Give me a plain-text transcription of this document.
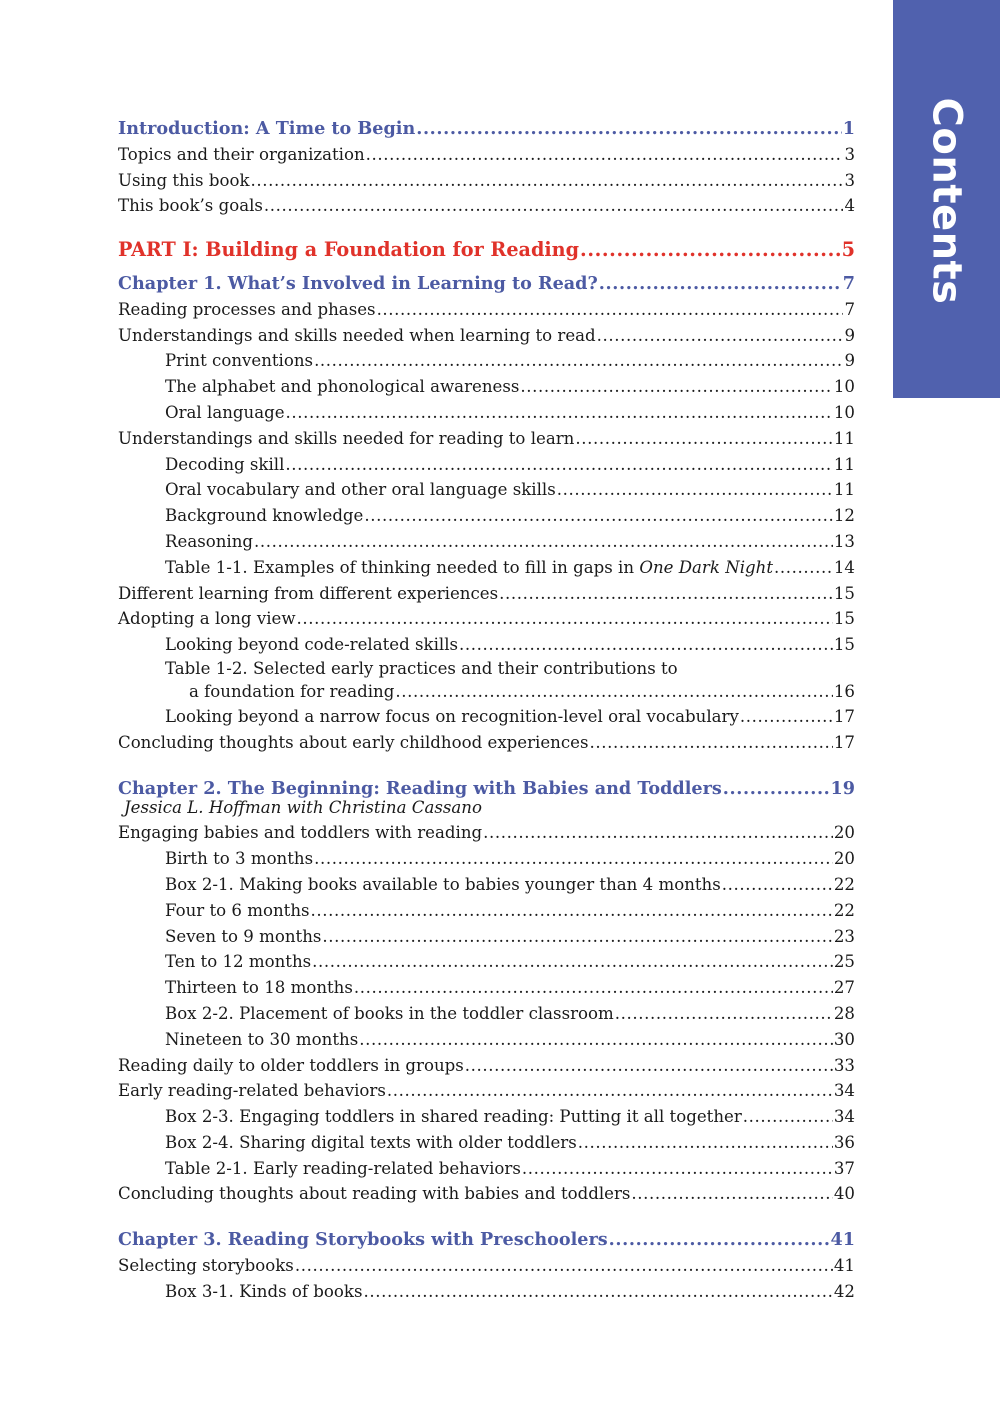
Contents
Introduction: A Time to Begin .....	1
Topics and their organization .....	3
Using this book .....	3
This book’s goals .....	4
PART I: Building a Foundation for Reading .....	5
Chapter 1. What’s Involved in Learning to Read? .....	7
Reading processes and phases .....	7
Understandings and skills needed when learning to read .....	9
Print conventions .....	9
The alphabet and phonological awareness .....	10
Oral language .....	10
Understandings and skills needed for reading to learn .....	11
Decoding skill .....	11
Oral vocabulary and other oral language skills .....	11
Background knowledge .....	12
Reasoning .....	13
Table 1-1. Examples of thinking needed to fill in gaps in One Dark Night .....	14
Different learning from different experiences .....	15
Adopting a long view .....	15
Looking beyond code-related skills .....	15
Table 1-2. Selected early practices and their contributions to
a foundation for reading .....	16
Looking beyond a narrow focus on recognition-level oral vocabulary .....	17
Concluding thoughts about early childhood experiences .....	17
Chapter 2. The Beginning: Reading with Babies and Toddlers .....	19
Jessica L. Hoffman with Christina Cassano
Engaging babies and toddlers with reading .....	20
Birth to 3 months .....	20
Box 2-1. Making books available to babies younger than 4 months .....	22
Four to 6 months .....	22
Seven to 9 months .....	23
Ten to 12 months .....	25
Thirteen to 18 months .....	27
Box 2-2. Placement of books in the toddler classroom .....	28
Nineteen to 30 months .....	30
Reading daily to older toddlers in groups .....	33
Early reading-related behaviors .....	34
Box 2-3. Engaging toddlers in shared reading: Putting it all together .....	34
Box 2-4. Sharing digital texts with older toddlers .....	36
Table 2-1. Early reading-related behaviors .....	37
Concluding thoughts about reading with babies and toddlers .....	40
Chapter 3. Reading Storybooks with Preschoolers .....	41
Selecting storybooks .....	41
Box 3-1. Kinds of books .....	42
